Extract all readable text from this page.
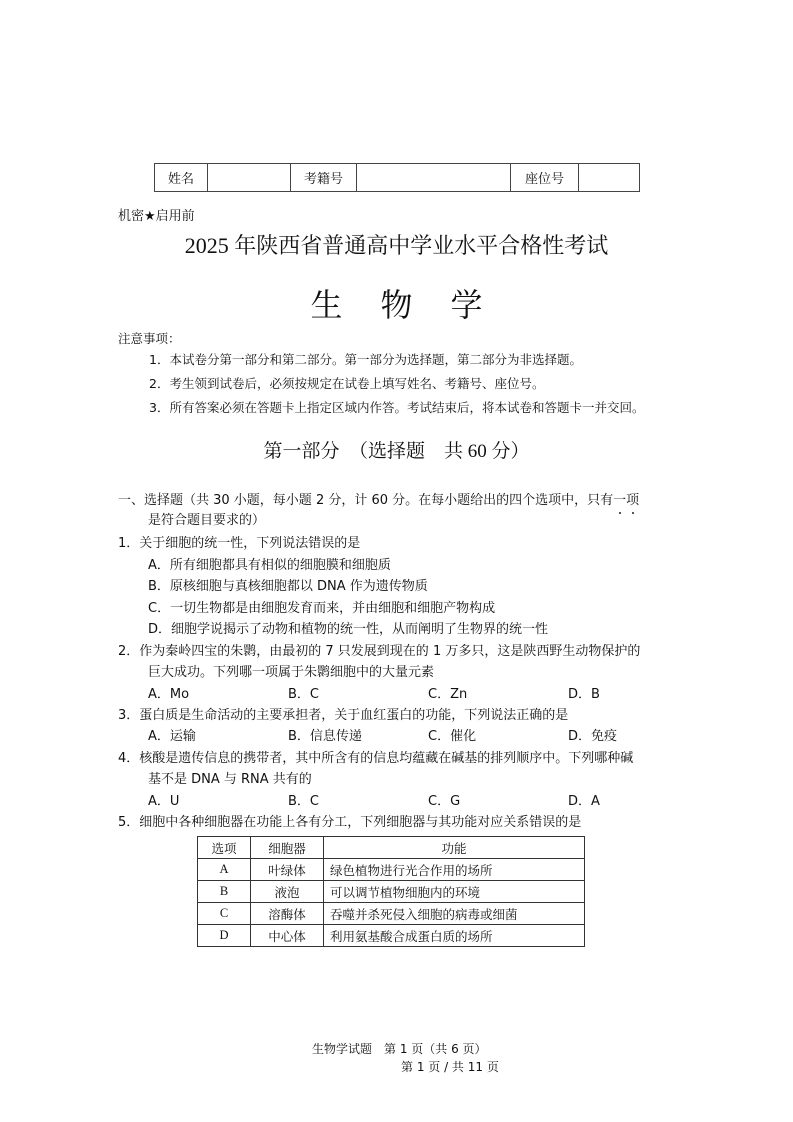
姓名		考籍号		座位号	
机密★启用前
2025 年陕西省普通高中学业水平合格性考试
生物学
注意事项：
1．本试卷分第一部分和第二部分。第一部分为选择题，第二部分为非选择题。
2．考生领到试卷后，必须按规定在试卷上填写姓名、考籍号、座位号。
3．所有答案必须在答题卡上指定区域内作答。考试结束后，将本试卷和答题卡一并交回。
第一部分　（选择题　共 60 分）
一、选择题（共 30 小题，每小题 2 分，计 60 分。在每小题给出的四个选项中，只有一项
是符合题目要求的）
1．关于细胞的统一性，下列说法错误的是
A．所有细胞都具有相似的细胞膜和细胞质
B．原核细胞与真核细胞都以 DNA 作为遗传物质
C．一切生物都是由细胞发育而来，并由细胞和细胞产物构成
D．细胞学说揭示了动物和植物的统一性，从而阐明了生物界的统一性
2．作为秦岭四宝的朱鹮，由最初的 7 只发展到现在的 1 万多只，这是陕西野生动物保护的
巨大成功。下列哪一项属于朱鹮细胞中的大量元素
A．Mo	B．C	C．Zn	D．B
3．蛋白质是生命活动的主要承担者，关于血红蛋白的功能，下列说法正确的是
A．运输	B．信息传递	C．催化	D．免疫
4．核酸是遗传信息的携带者，其中所含有的信息均蕴藏在碱基的排列顺序中。下列哪种碱
基不是 DNA 与 RNA 共有的
A．U	B．C	C．G	D．A
5．细胞中各种细胞器在功能上各有分工，下列细胞器与其功能对应关系错误的是
选项	细胞器	功能
A	叶绿体	绿色植物进行光合作用的场所
B	液泡	可以调节植物细胞内的环境
C	溶酶体	吞噬并杀死侵入细胞的病毒或细菌
D	中心体	利用氨基酸合成蛋白质的场所
生物学试题　第 1 页（共 6 页）
第 1 页 / 共 11 页
